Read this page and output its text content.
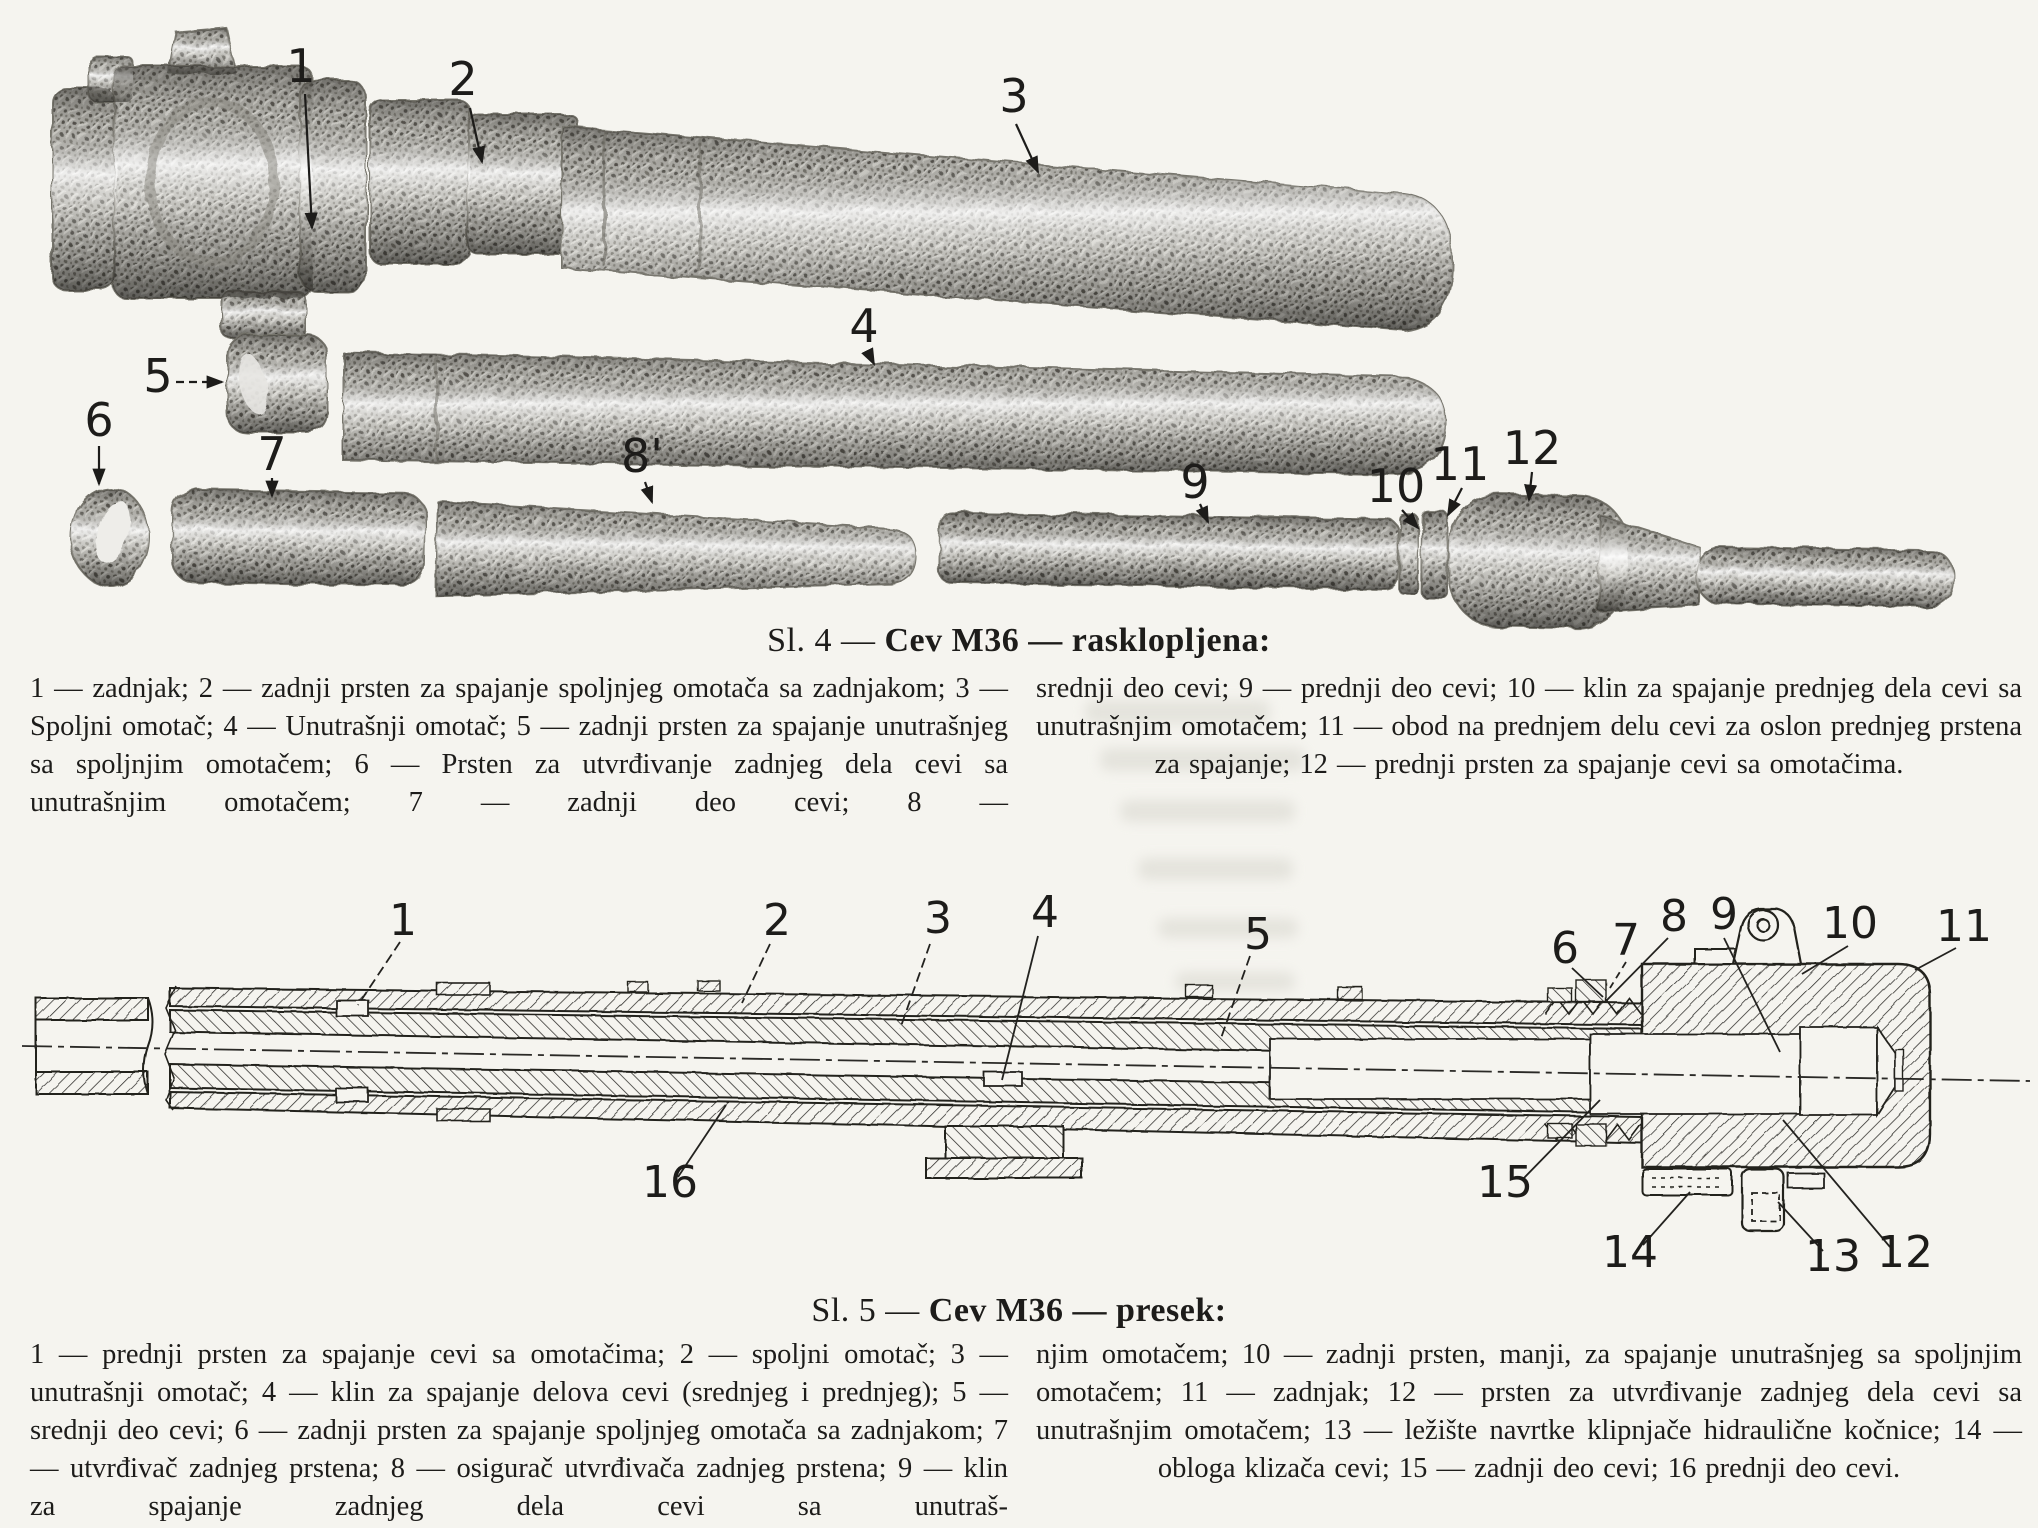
1	2	3
4
5
6
7	8'	9	10 11 12
Sl. 4 — Cev M36 — rasklopljena:
1 — zadnjak; 2 — zadnji prsten za spajanje spoljnjeg omotača sa zadnjakom; 3 — Spoljni omotač; 4 — Unutrašnji omotač; 5 — zadnji prsten za spajanje unutrašnjeg sa spoljnjim omotačem; 6 — Prsten za utvrđivanje zadnjeg dela cevi sa unutrašnjim omotačem; 7 — zadnji deo cevi; 8 —
srednji deo cevi; 9 — prednji deo cevi; 10 — klin za spajanje prednjeg dela cevi sa unutrašnjim omotačem; 11 — obod na prednjem delu cevi za oslon prednjeg prstena za spajanje; 12 — prednji prsten za spajanje cevi sa omotačima.
1	2	3 4	5	6 7 8 9 10 11
16	15
14	13 12
Sl. 5 — Cev M36 — presek:
1 — prednji prsten za spajanje cevi sa omotačima; 2 — spoljni omotač; 3 — unutrašnji omotač; 4 — klin za spajanje delova cevi (srednjeg i prednjeg); 5 — srednji deo cevi; 6 — zadnji prsten za spajanje spoljnjeg omotača sa zadnjakom; 7 — utvrđivač zadnjeg prstena; 8 — osigurač utvrđivača zadnjeg prstena; 9 — klin za spajanje zadnjeg dela cevi sa unutraš-
njim omotačem; 10 — zadnji prsten, manji, za spajanje unutrašnjeg sa spoljnjim omotačem; 11 — zadnjak; 12 — prsten za utvrđivanje zadnjeg dela cevi sa unutrašnjim omotačem; 13 — ležište navrtke klipnjače hidraulične kočnice; 14 — obloga klizača cevi; 15 — zadnji deo cevi; 16 prednji deo cevi.
